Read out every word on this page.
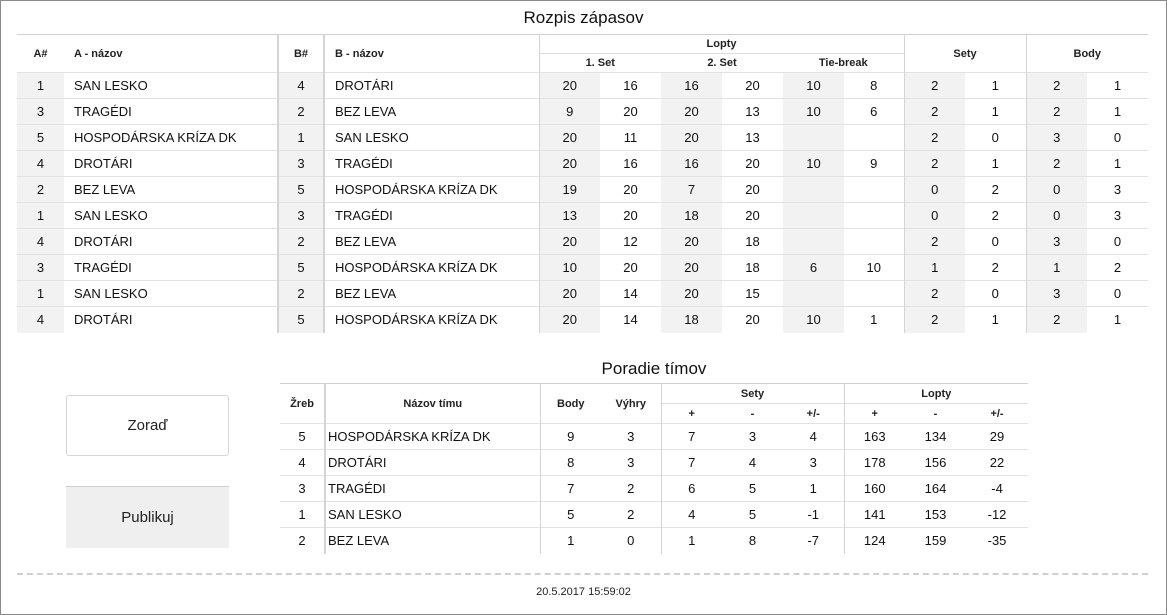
Rozpis zápasov
A#	A - názov	B#	B - názov	Lopty						Sety		Body	
				1. Set		2. Set		Tie-break					
1	SAN LESKO	4	DROTÁRI	20	16	16	20	10	8	2	1	2	1
3	TRAGÉDI	2	BEZ LEVA	9	20	20	13	10	6	2	1	2	1
5	HOSPODÁRSKA KRÍZA DK	1	SAN LESKO	20	11	20	13			2	0	3	0
4	DROTÁRI	3	TRAGÉDI	20	16	16	20	10	9	2	1	2	1
2	BEZ LEVA	5	HOSPODÁRSKA KRÍZA DK	19	20	7	20			0	2	0	3
1	SAN LESKO	3	TRAGÉDI	13	20	18	20			0	2	0	3
4	DROTÁRI	2	BEZ LEVA	20	12	20	18			2	0	3	0
3	TRAGÉDI	5	HOSPODÁRSKA KRÍZA DK	10	20	20	18	6	10	1	2	1	2
1	SAN LESKO	2	BEZ LEVA	20	14	20	15			2	0	3	0
4	DROTÁRI	5	HOSPODÁRSKA KRÍZA DK	20	14	18	20	10	1	2	1	2	1
Zoraď
Publikuj
Poradie tímov
Žreb	Názov tímu	Body	Výhry	Sety			Lopty		
				+	-	+/-	+	-	+/-
5	HOSPODÁRSKA KRÍZA DK	9	3	7	3	4	163	134	29
4	DROTÁRI	8	3	7	4	3	178	156	22
3	TRAGÉDI	7	2	6	5	1	160	164	-4
1	SAN LESKO	5	2	4	5	-1	141	153	-12
2	BEZ LEVA	1	0	1	8	-7	124	159	-35
20.5.2017 15:59:02
